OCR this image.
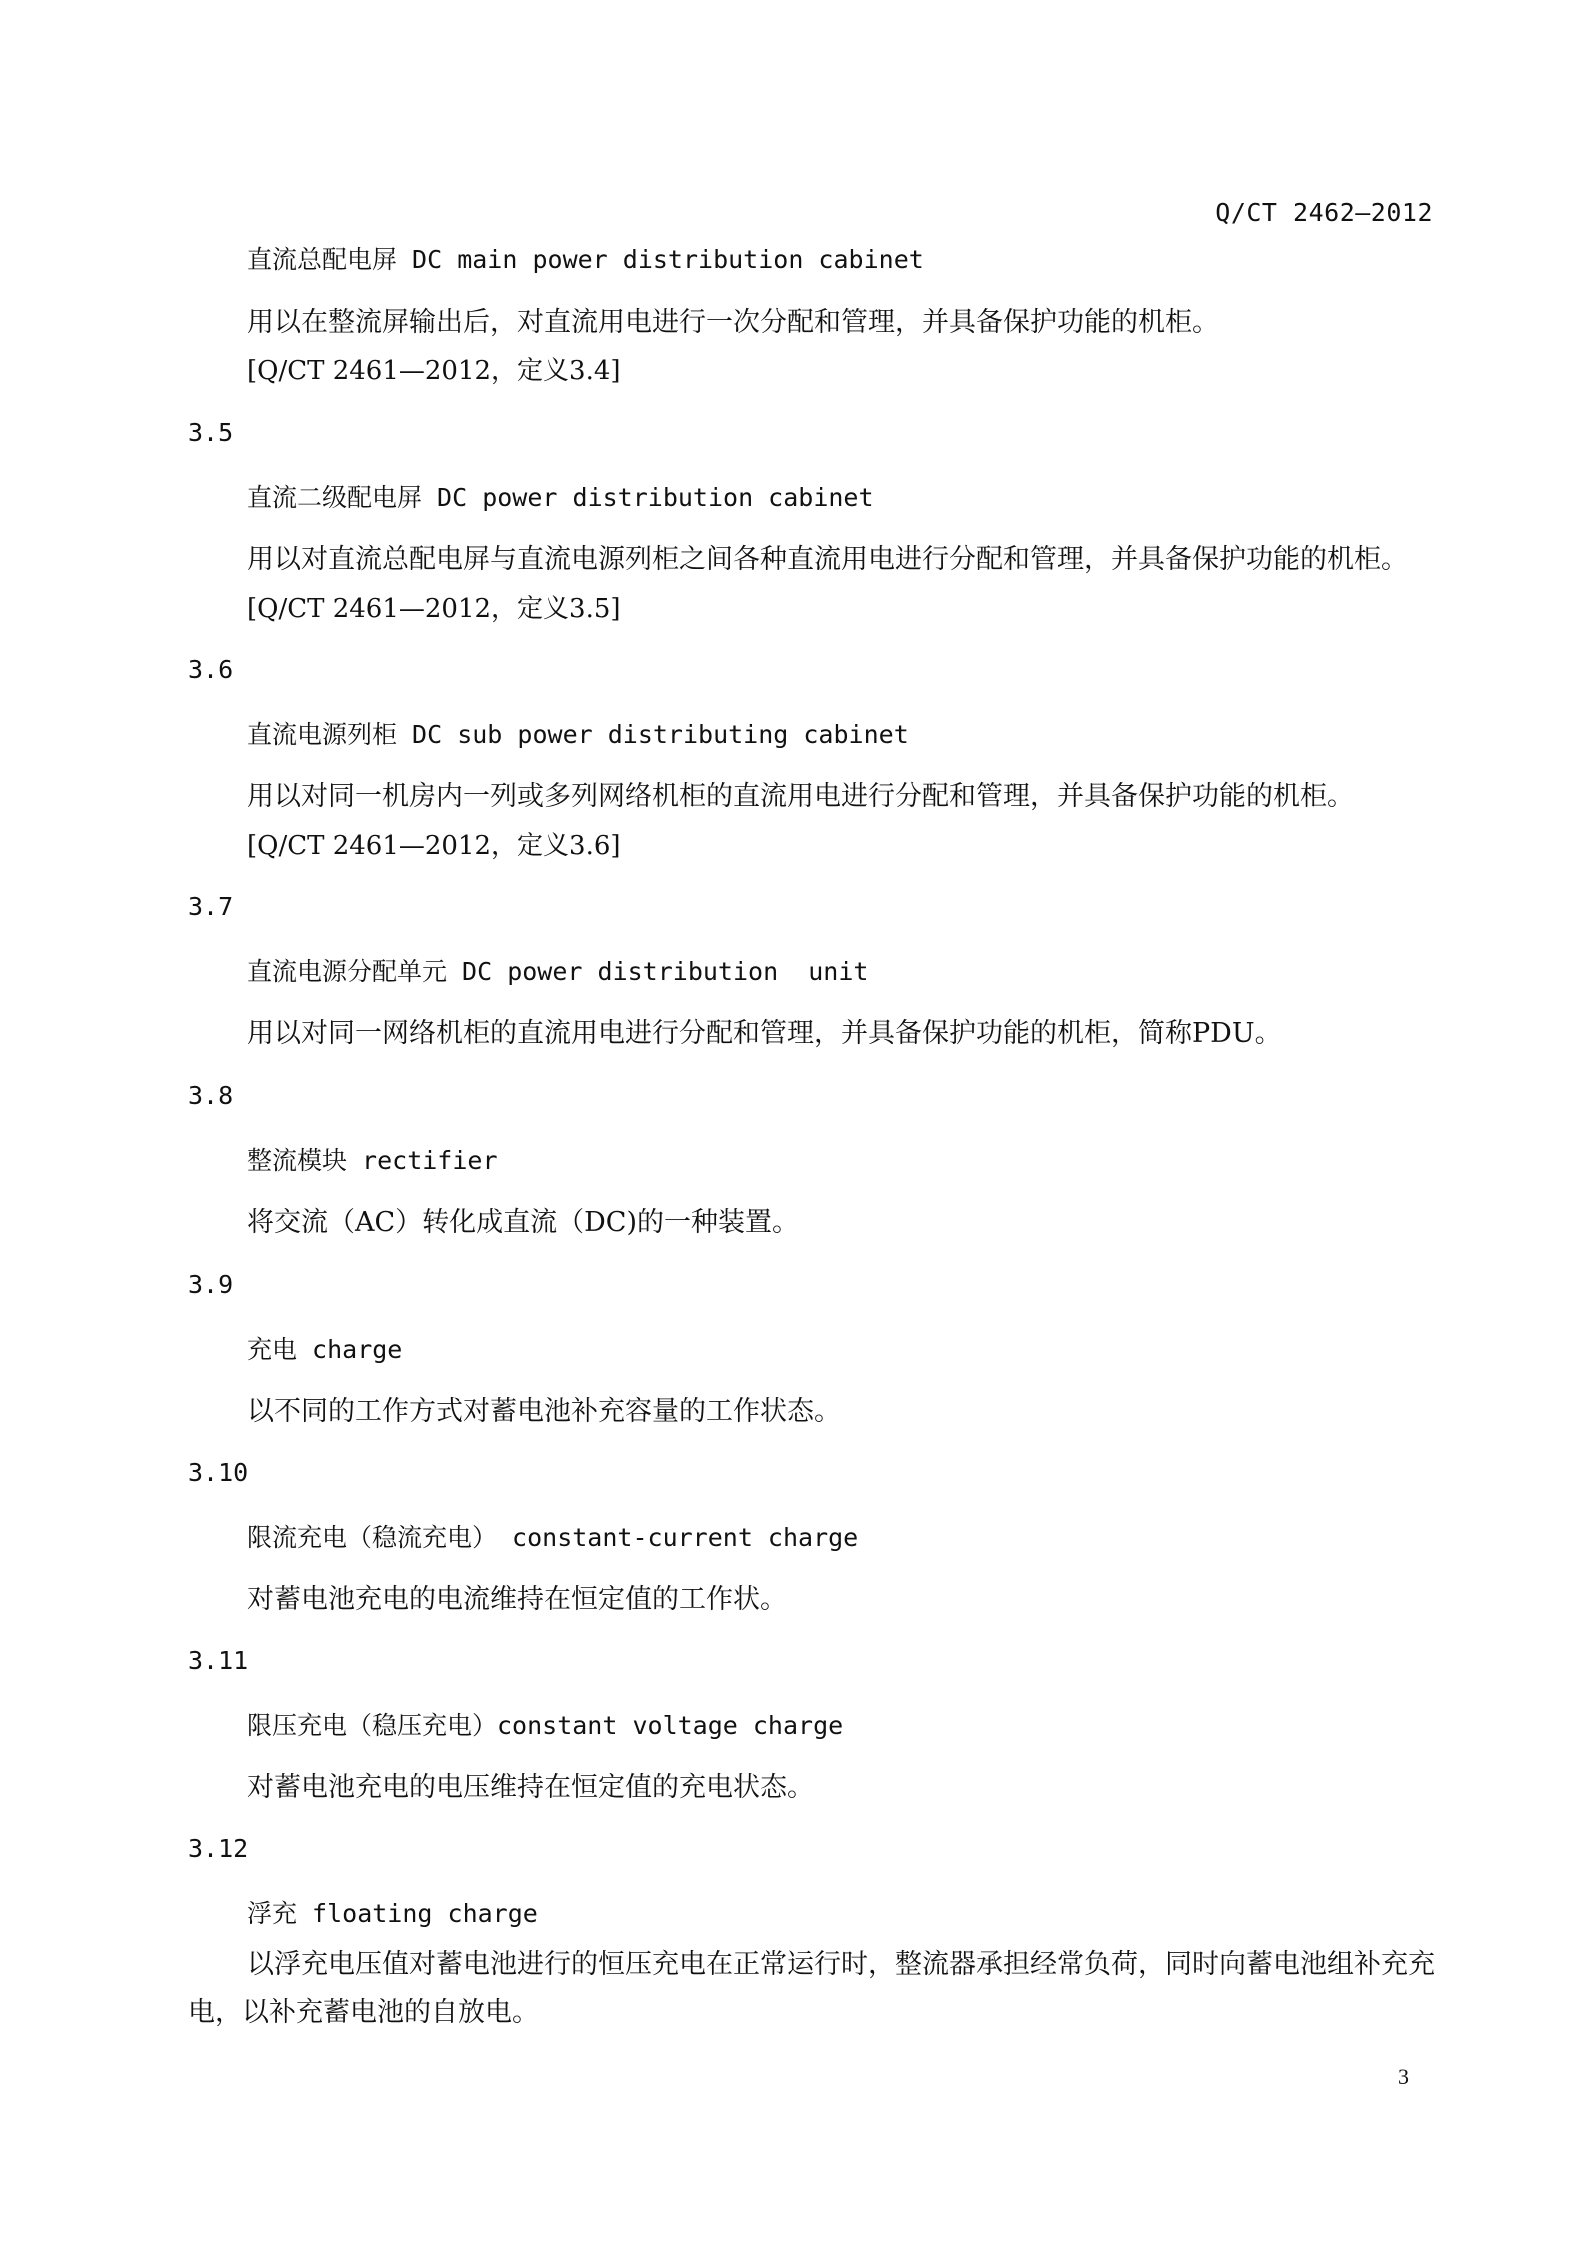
Q/CT 2462—2012
直流总配电屏 DC main power distribution cabinet
用以在整流屏输出后，对直流用电进行一次分配和管理，并具备保护功能的机柜。
[Q/CT 2461—2012，定义3.4]
3.5
直流二级配电屏 DC power distribution cabinet
用以对直流总配电屏与直流电源列柜之间各种直流用电进行分配和管理，并具备保护功能的机柜。
[Q/CT 2461—2012，定义3.5]
3.6
直流电源列柜 DC sub power distributing cabinet
用以对同一机房内一列或多列网络机柜的直流用电进行分配和管理，并具备保护功能的机柜。
[Q/CT 2461—2012，定义3.6]
3.7
直流电源分配单元 DC power distribution  unit
用以对同一网络机柜的直流用电进行分配和管理，并具备保护功能的机柜，简称PDU。
3.8
整流模块 rectifier
将交流（AC）转化成直流（DC)的一种装置。
3.9
充电 charge
以不同的工作方式对蓄电池补充容量的工作状态。
3.10
限流充电（稳流充电） constant-current charge
对蓄电池充电的电流维持在恒定值的工作状。
3.11
限压充电（稳压充电）constant voltage charge
对蓄电池充电的电压维持在恒定值的充电状态。
3.12
浮充 floating charge
以浮充电压值对蓄电池进行的恒压充电在正常运行时，整流器承担经常负荷，同时向蓄电池组补充充电，以补充蓄电池的自放电。
3
